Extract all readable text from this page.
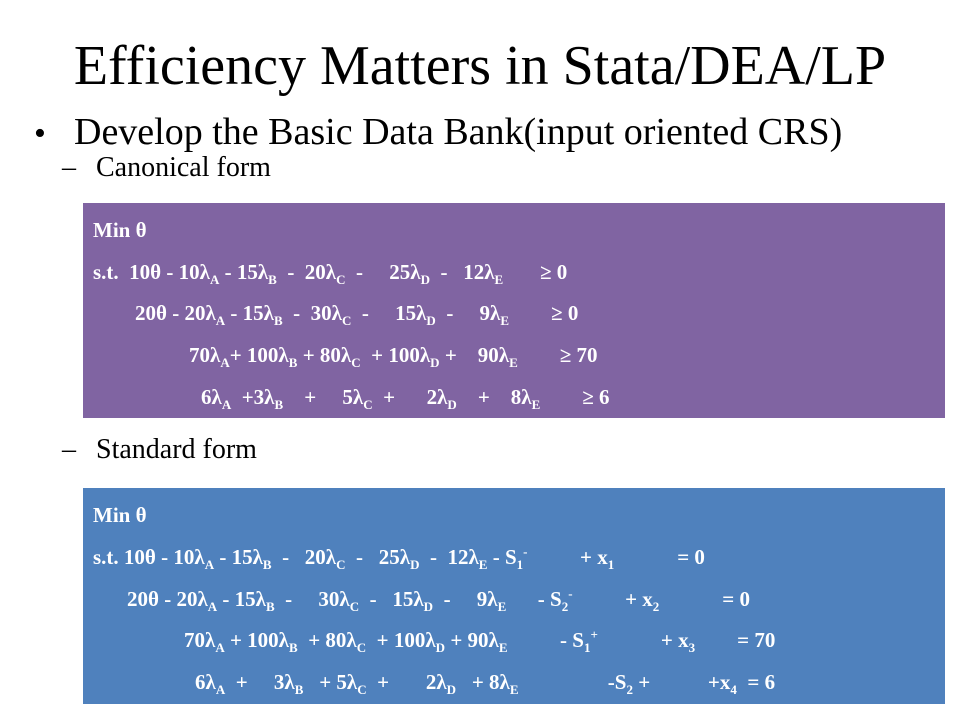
Efficiency Matters in Stata/DEA/LP
• Develop the Basic Data Bank(input oriented CRS)
– Canonical form
Min θ
s.t.  $10\theta - 10\lambda_A - 15\lambda_B - 20\lambda_C$  -     $25\lambda_D - 12\lambda_E$       ≥ 0
$20\theta - 20\lambda_A - 15\lambda_B - 30\lambda_C$  -     $15\lambda_D$  -     $9\lambda_E$        ≥ 0
$70\lambda_A+ 100\lambda_B + 80\lambda_C + 100\lambda_D$ +    $90\lambda_E$        ≥ 70
$6\lambda_A +3\lambda_B$    +     $5\lambda_C$  +      $2\lambda_D$    +    $8\lambda_E$        ≥ 6
– Standard form
Min θ
s.t. $10\theta - 10\lambda_A - 15\lambda_B - 20\lambda_C - 25\lambda_D - 12\lambda_E - S_1^-$          + $x_1$            = 0
$20\theta - 20\lambda_A - 15\lambda_B$  -     $30\lambda_C - 15\lambda_D$  -     $9\lambda_E$      - $S_2^-$          + $x_2$            = 0
$70\lambda_A + 100\lambda_B + 80\lambda_C + 100\lambda_D + 90\lambda_E$          - $S_1^+$            + $x_3$        = 70
$6\lambda_A$  +     $3\lambda_B + 5\lambda_C$  +       $2\lambda_D + 8\lambda_E$                 $-S_2$ +           $+x_4 = 6$
